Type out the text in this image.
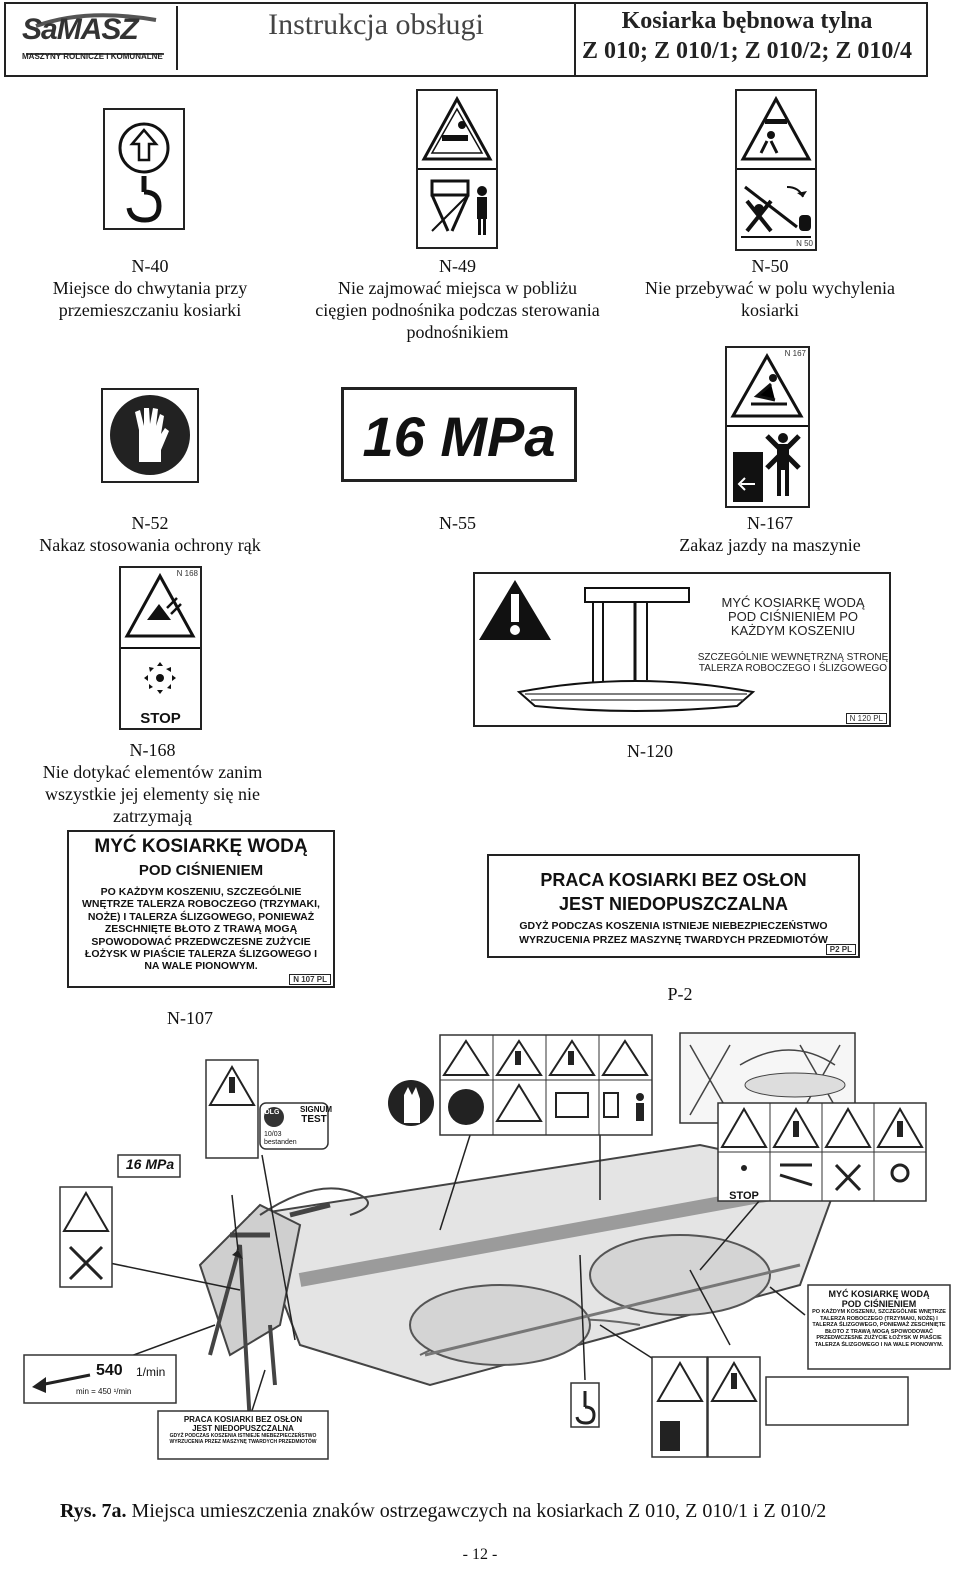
SaMASZ
MASZYNY ROLNICZE I KOMUNALNE
Instrukcja obsługi	Kosiarka bębnowa tylna
Z 010; Z 010/1; Z 010/2; Z 010/4
N-40
Miejsce do chwytania przy przemieszczaniu kosiarki
N-49
Nie zajmować miejsca w pobliżu cięgien podnośnika podczas sterowania podnośnikiem
N 50
N-50
Nie przebywać w polu wychylenia kosiarki
N-52
Nakaz stosowania ochrony rąk
16 MPa
N-55
N 167
N-167
Zakaz jazdy na maszynie
STOP
N 168
N-168
Nie dotykać elementów zanim wszystkie jej elementy się nie zatrzymają
MYĆ KOSIARKĘ WODĄ
POD CIŚNIENIEM PO
KAŻDYM KOSZENIU
SZCZEGÓLNIE WEWNĘTRZNĄ STRONĘ
TALERZA ROBOCZEGO I ŚLIZGOWEGO
N 120 PL
N-120
MYĆ KOSIARKĘ WODĄ
POD CIŚNIENIEM
PO KAŻDYM KOSZENIU, SZCZEGÓLNIE WNĘTRZE TALERZA ROBOCZEGO (TRZYMAKI, NOŻE) I TALERZA ŚLIZGOWEGO, PONIEWAŻ ZESCHNIĘTE BŁOTO Z TRAWĄ MOGĄ SPOWODOWAĆ PRZEDWCZESNE ZUŻYCIE ŁOŻYSK W PIAŚCIE TALERZA ŚLIZGOWEGO I NA WALE PIONOWYM.
N 107 PL
N-107
PRACA KOSIARKI BEZ OSŁON
JEST NIEDOPUSZCZALNA
GDYŻ PODCZAS KOSZENIA ISTNIEJE NIEBEZPIECZEŃSTWO
WYRZUCENIA PRZEZ MASZYNĘ TWARDYCH PRZEDMIOTÓW
P2 PL
P-2
16 MPa
SIGNUM
TEST
DLG
10/03
bestanden
540 1/min
min = 450 ¹/min
STOP
PRACA KOSIARKI BEZ OSŁON
JEST NIEDOPUSZCZALNA
GDYŻ PODCZAS KOSZENIA ISTNIEJE NIEBEZPIECZEŃSTWO WYRZUCENIA PRZEZ MASZYNĘ TWARDYCH PRZEDMIOTÓW
MYĆ KOSIARKĘ WODĄ
POD CIŚNIENIEM
PO KAŻDYM KOSZENIU, SZCZEGÓLNIE WNĘTRZE TALERZA ROBOCZEGO (TRZYMAKI, NOŻE) I TALERZA ŚLIZGOWEGO, PONIEWAŻ ZESCHNIĘTE BŁOTO Z TRAWĄ MOGĄ SPOWODOWAĆ PRZEDWCZESNE ZUŻYCIE ŁOŻYSK W PIAŚCIE TALERZA ŚLIZGOWEGO I NA WALE PIONOWYM.
Rys. 7a. Miejsca umieszczenia znaków ostrzegawczych na kosiarkach Z 010, Z 010/1 i Z 010/2
- 12 -
